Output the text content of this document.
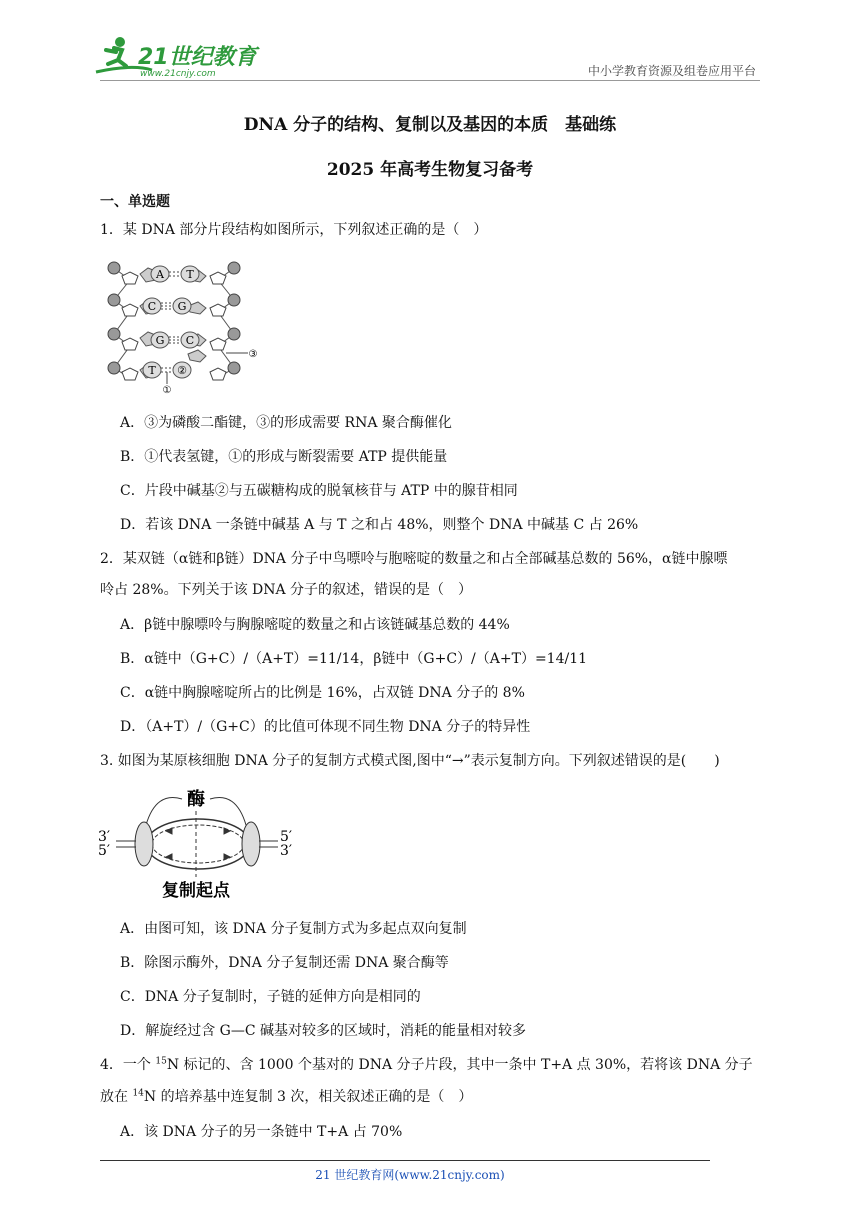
21世纪教育
www.21cnjy.com	中小学教育资源及组卷应用平台
DNA 分子的结构、复制以及基因的本质　基础练
2025 年高考生物复习备考
一、单选题
1．某 DNA 部分片段结构如图所示，下列叙述正确的是（　）
A T
C G
G C
T ②
①
③
A．③为磷酸二酯键，③的形成需要 RNA 聚合酶催化
B．①代表氢键，①的形成与断裂需要 ATP 提供能量
C．片段中碱基②与五碳糖构成的脱氧核苷与 ATP 中的腺苷相同
D．若该 DNA 一条链中碱基 A 与 T 之和占 48%，则整个 DNA 中碱基 C 占 26%
2．某双链（α链和β链）DNA 分子中鸟嘌呤与胞嘧啶的数量之和占全部碱基总数的 56%，α链中腺嘌
呤占 28%。下列关于该 DNA 分子的叙述，错误的是（　）
A．β链中腺嘌呤与胸腺嘧啶的数量之和占该链碱基总数的 44%
B．α链中（G+C）/（A+T）=11/14，β链中（G+C）/（A+T）=14/11
C．α链中胸腺嘧啶所占的比例是 16%，占双链 DNA 分子的 8%
D．（A+T）/（G+C）的比值可体现不同生物 DNA 分子的特异性
3. 如图为某原核细胞 DNA 分子的复制方式模式图,图中“→”表示复制方向。下列叙述错误的是(　　)
酶
3′
5′
5′
3′
复制起点
A．由图可知，该 DNA 分子复制方式为多起点双向复制
B．除图示酶外，DNA 分子复制还需 DNA 聚合酶等
C．DNA 分子复制时，子链的延伸方向是相同的
D．解旋经过含 G—C 碱基对较多的区域时，消耗的能量相对较多
4．一个 $^{15}$N 标记的、含 1000 个基对的 DNA 分子片段，其中一条中 T+A 点 30%，若将该 DNA 分子
放在 $^{14}$N 的培养基中连复制 3 次，相关叙述正确的是（　）
A．该 DNA 分子的另一条链中 T+A 占 70%
21 世纪教育网(www.21cnjy.com)
